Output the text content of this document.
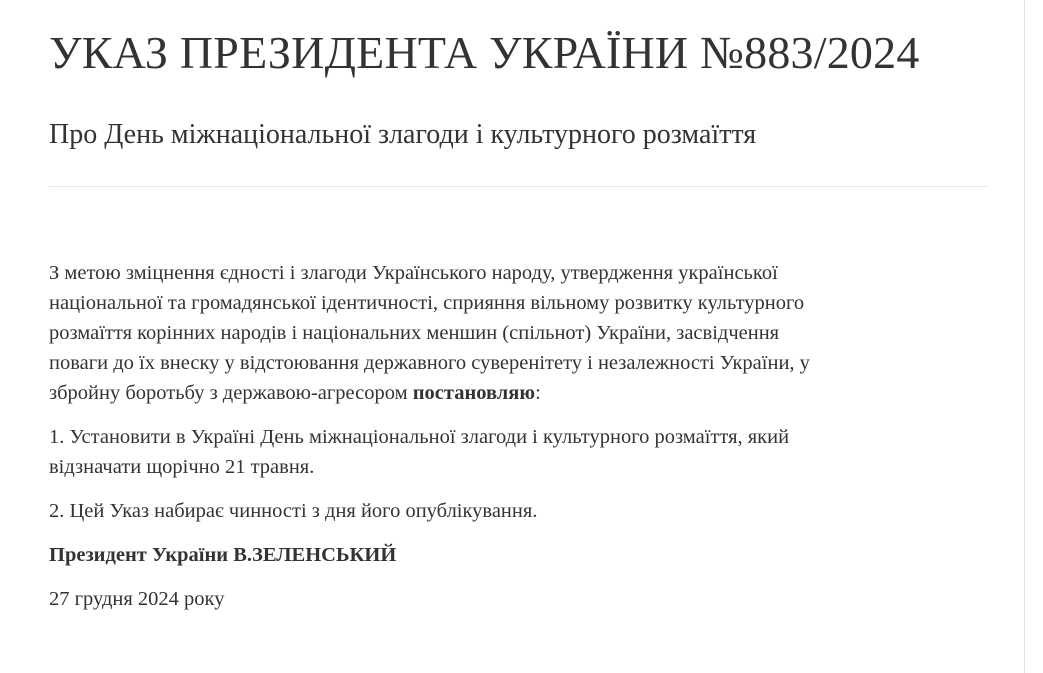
УКАЗ ПРЕЗИДЕНТА УКРАЇНИ №883/2024
Про День міжнаціональної злагоди і культурного розмаїття

З метою зміцнення єдності і злагоди Українського народу, утвердження української
національної та громадянської ідентичності, сприяння вільному розвитку культурного
розмаїття корінних народів і національних меншин (спільнот) України, засвідчення
поваги до їх внеску у відстоювання державного суверенітету і незалежності України, у
збройну боротьбу з державою-агресором постановляю:

1. Установити в Україні День міжнаціональної злагоди і культурного розмаїття, який
відзначати щорічно 21 травня.

2. Цей Указ набирає чинності з дня його опублікування.

Президент України В.ЗЕЛЕНСЬКИЙ

27 грудня 2024 року
